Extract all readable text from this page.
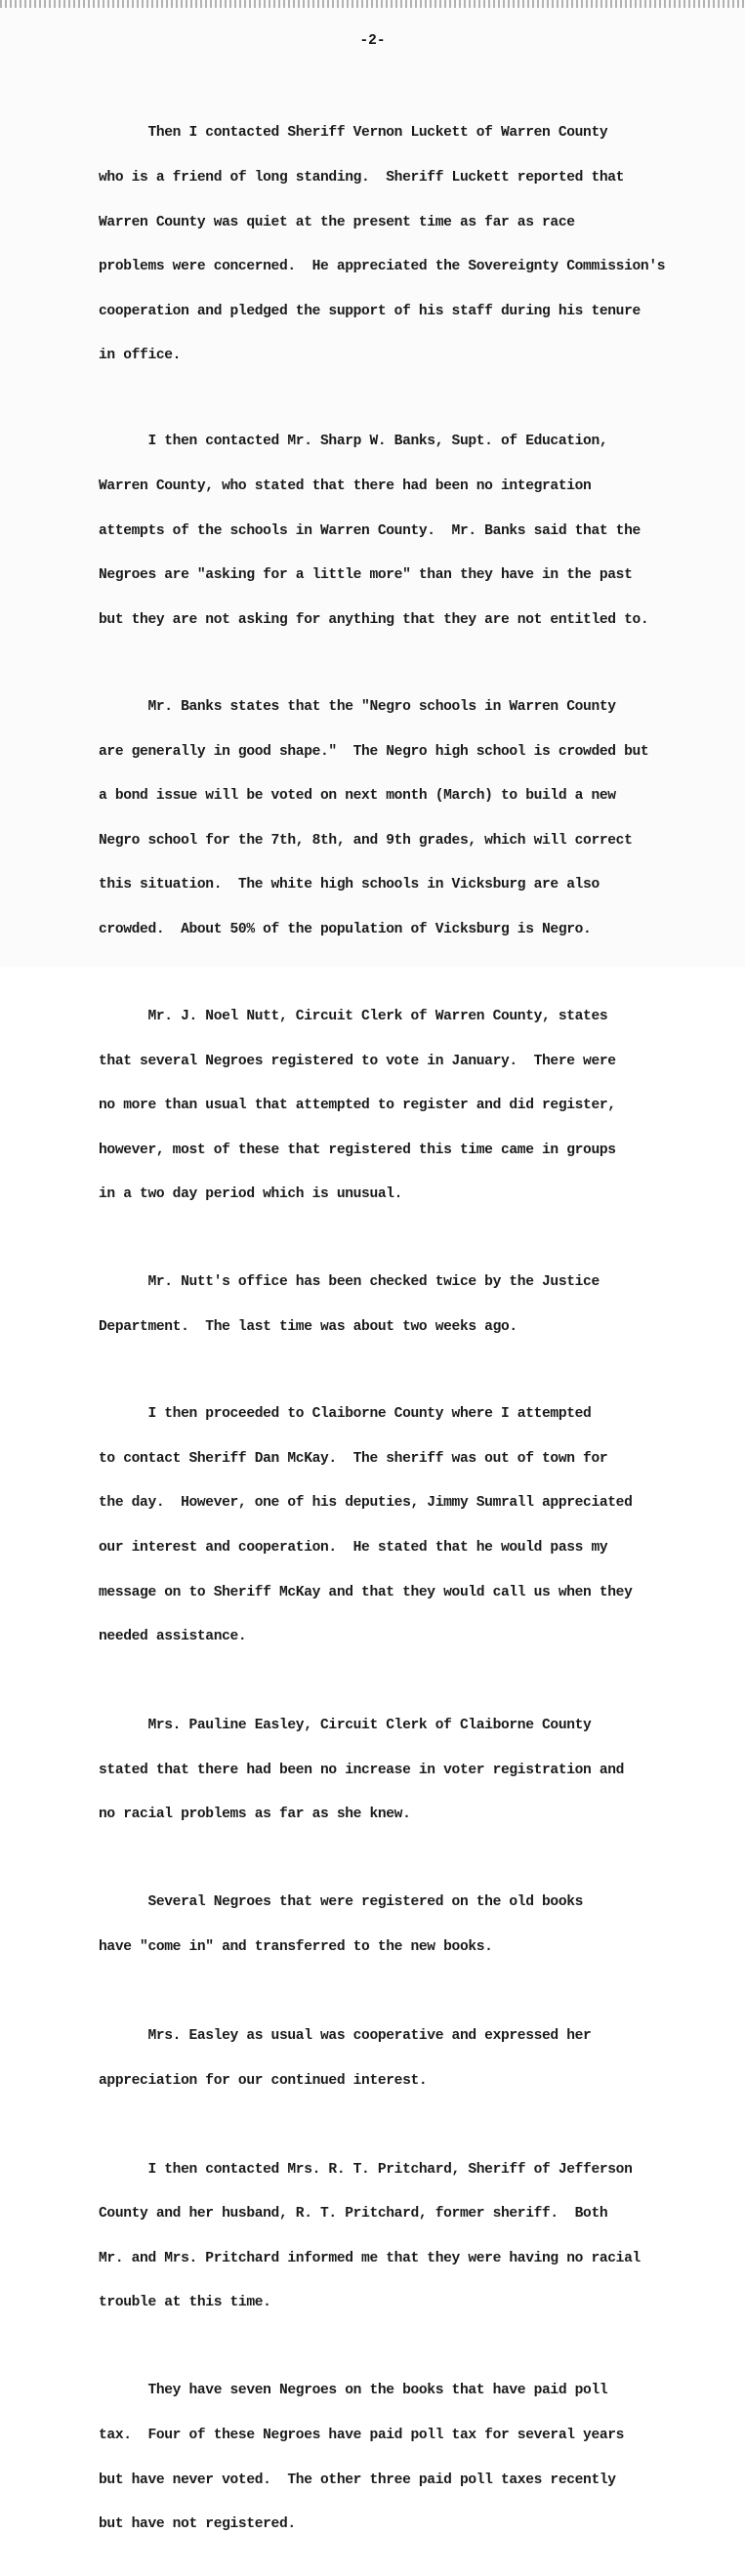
-2-

Then I contacted Sheriff Vernon Luckett of Warren County

who is a friend of long standing.  Sheriff Luckett reported that

Warren County was quiet at the present time as far as race

problems were concerned.  He appreciated the Sovereignty Commission's

cooperation and pledged the support of his staff during his tenure

in office.

I then contacted Mr. Sharp W. Banks, Supt. of Education,

Warren County, who stated that there had been no integration

attempts of the schools in Warren County.  Mr. Banks said that the

Negroes are "asking for a little more" than they have in the past

but they are not asking for anything that they are not entitled to.

Mr. Banks states that the "Negro schools in Warren County

are generally in good shape."  The Negro high school is crowded but

a bond issue will be voted on next month (March) to build a new

Negro school for the 7th, 8th, and 9th grades, which will correct

this situation.  The white high schools in Vicksburg are also

crowded.  About 50% of the population of Vicksburg is Negro.

Mr. J. Noel Nutt, Circuit Clerk of Warren County, states

that several Negroes registered to vote in January.  There were

no more than usual that attempted to register and did register,

however, most of these that registered this time came in groups

in a two day period which is unusual.

Mr. Nutt's office has been checked twice by the Justice

Department.  The last time was about two weeks ago.

I then proceeded to Claiborne County where I attempted

to contact Sheriff Dan McKay.  The sheriff was out of town for

the day.  However, one of his deputies, Jimmy Sumrall appreciated

our interest and cooperation.  He stated that he would pass my

message on to Sheriff McKay and that they would call us when they

needed assistance.

Mrs. Pauline Easley, Circuit Clerk of Claiborne County

stated that there had been no increase in voter registration and

no racial problems as far as she knew.

Several Negroes that were registered on the old books

have "come in" and transferred to the new books.

Mrs. Easley as usual was cooperative and expressed her

appreciation for our continued interest.

I then contacted Mrs. R. T. Pritchard, Sheriff of Jefferson

County and her husband, R. T. Pritchard, former sheriff.  Both

Mr. and Mrs. Pritchard informed me that they were having no racial

trouble at this time.

They have seven Negroes on the books that have paid poll

tax.  Four of these Negroes have paid poll tax for several years

but have never voted.  The other three paid poll taxes recently

but have not registered.
